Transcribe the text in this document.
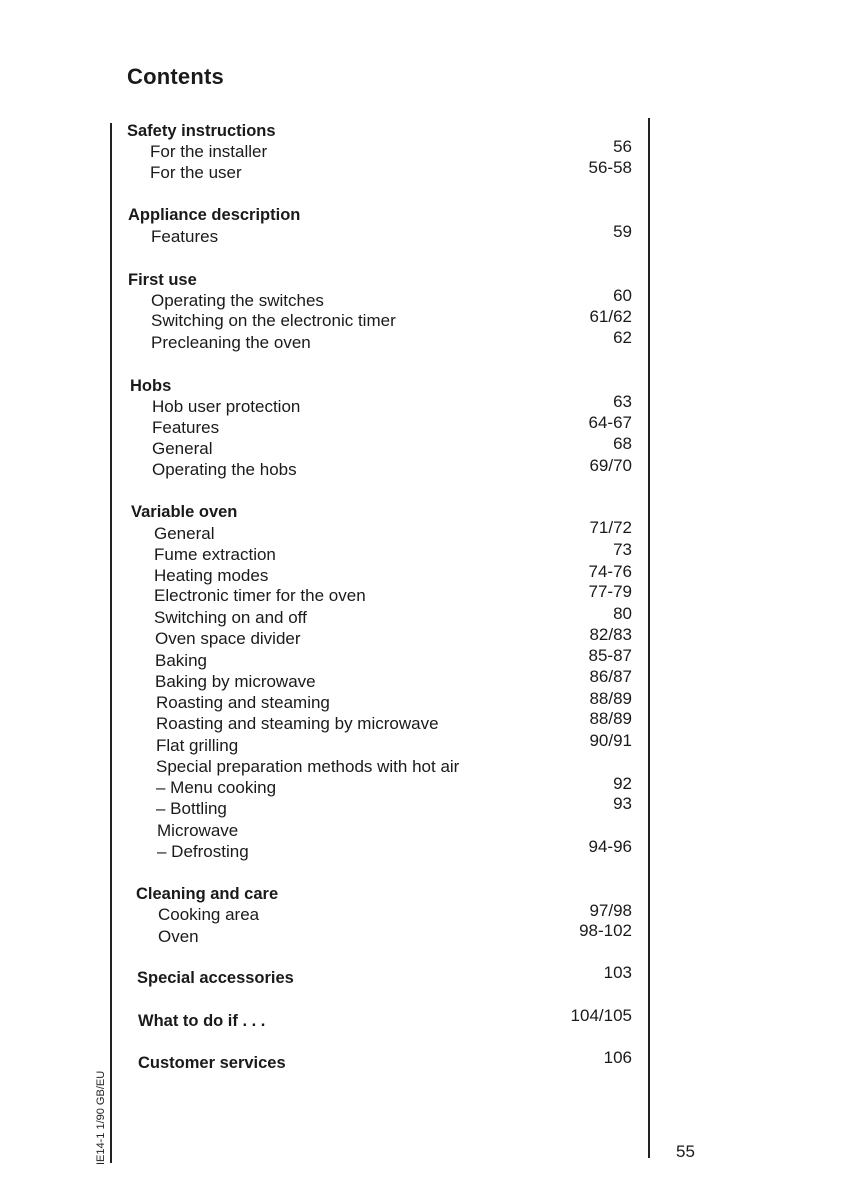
Contents
Safety instructions
For the installer	56
For the user	56-58
Appliance description
Features	59
First use
Operating the switches	60
Switching on the electronic timer	61/62
Precleaning the oven	62
Hobs
Hob user protection	63
Features	64-67
General	68
Operating the hobs	69/70
Variable oven
General	71/72
Fume extraction	73
Heating modes	74-76
Electronic timer for the oven	77-79
Switching on and off	80
Oven space divider	82/83
Baking	85-87
Baking by microwave	86/87
Roasting and steaming	88/89
Roasting and steaming by microwave	88/89
Flat grilling	90/91
Special preparation methods with hot air
– Menu cooking	92
– Bottling	93
Microwave
– Defrosting	94-96
Cleaning and care
Cooking area	97/98
Oven	98-102
Special accessories	103
What to do if . . .	104/105
Customer services	106
IE14-1 1/90 GB/EU	55
